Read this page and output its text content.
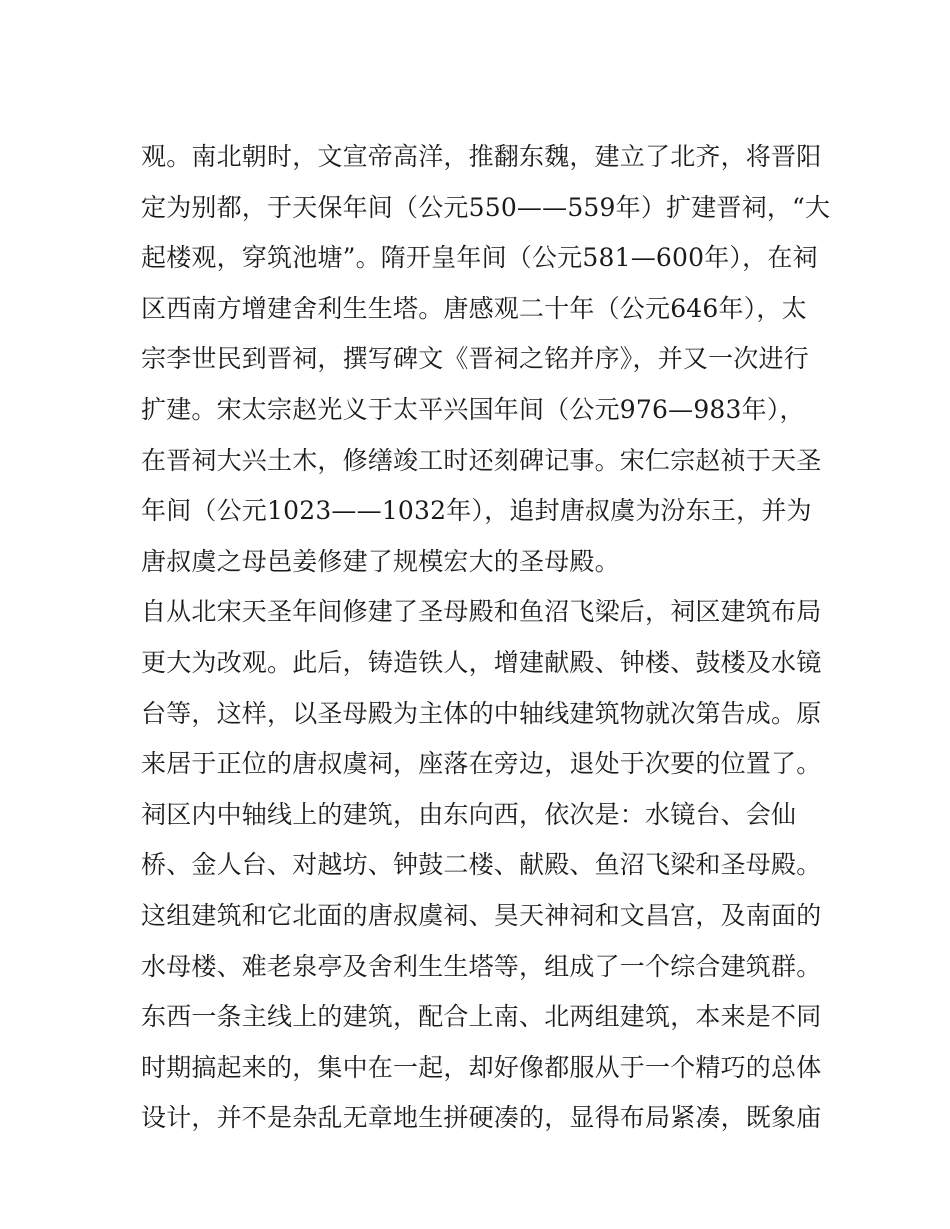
观。南北朝时，文宣帝高洋，推翻东魏，建立了北齐，将晋阳
定为别都，于天保年间（公元550——559年）扩建晋祠，“大
起楼观，穿筑池塘”。隋开皇年间（公元581—600年），在祠
区西南方增建舍利生生塔。唐感观二十年（公元646年），太
宗李世民到晋祠，撰写碑文《晋祠之铭并序》，并又一次进行
扩建。宋太宗赵光义于太平兴国年间（公元976—983年），
在晋祠大兴土木，修缮竣工时还刻碑记事。宋仁宗赵祯于天圣
年间（公元1023——1032年），追封唐叔虞为汾东王，并为
唐叔虞之母邑姜修建了规模宏大的圣母殿。
自从北宋天圣年间修建了圣母殿和鱼沼飞梁后，祠区建筑布局
更大为改观。此后，铸造铁人，增建献殿、钟楼、鼓楼及水镜
台等，这样，以圣母殿为主体的中轴线建筑物就次第告成。原
来居于正位的唐叔虞祠，座落在旁边，退处于次要的位置了。
祠区内中轴线上的建筑，由东向西，依次是：水镜台、会仙
桥、金人台、对越坊、钟鼓二楼、献殿、鱼沼飞梁和圣母殿。
这组建筑和它北面的唐叔虞祠、昊天神祠和文昌宫，及南面的
水母楼、难老泉亭及舍利生生塔等，组成了一个综合建筑群。
东西一条主线上的建筑，配合上南、北两组建筑，本来是不同
时期搞起来的，集中在一起，却好像都服从于一个精巧的总体
设计，并不是杂乱无章地生拼硬凑的，显得布局紧凑，既象庙
